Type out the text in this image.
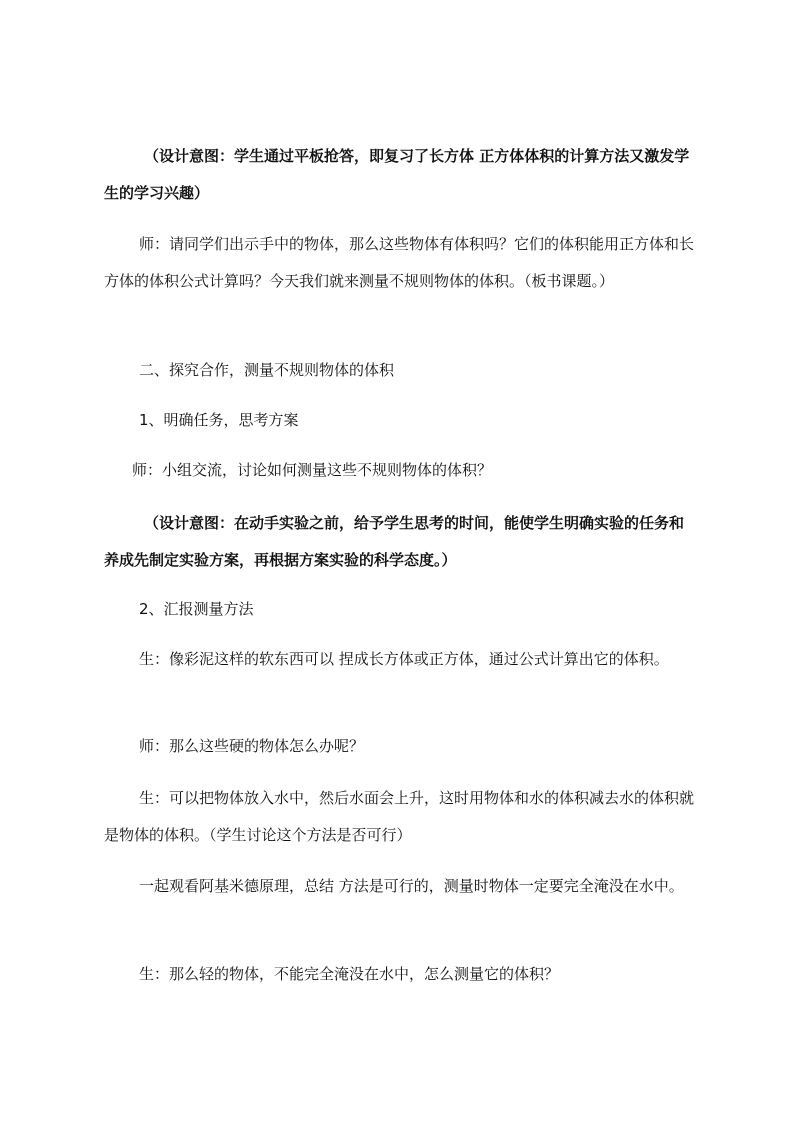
（设计意图：学生通过平板抢答，即复习了长方体 正方体体积的计算方法又激发学生的学习兴趣）

师：请同学们出示手中的物体，那么这些物体有体积吗？它们的体积能用正方体和长方体的体积公式计算吗？今天我们就来测量不规则物体的体积。（板书课题。）

二、探究合作，测量不规则物体的体积

1、明确任务，思考方案

师：小组交流，讨论如何测量这些不规则物体的体积？

（设计意图：在动手实验之前，给予学生思考的时间，能使学生明确实验的任务和养成先制定实验方案，再根据方案实验的科学态度。）

2、汇报测量方法

生：像彩泥这样的软东西可以 捏成长方体或正方体，通过公式计算出它的体积。

师：那么这些硬的物体怎么办呢？

生：可以把物体放入水中，然后水面会上升，这时用物体和水的体积减去水的体积就是物体的体积。（学生讨论这个方法是否可行）

一起观看阿基米德原理，总结 方法是可行的，测量时物体一定要完全淹没在水中。

生：那么轻的物体，不能完全淹没在水中，怎么测量它的体积？
